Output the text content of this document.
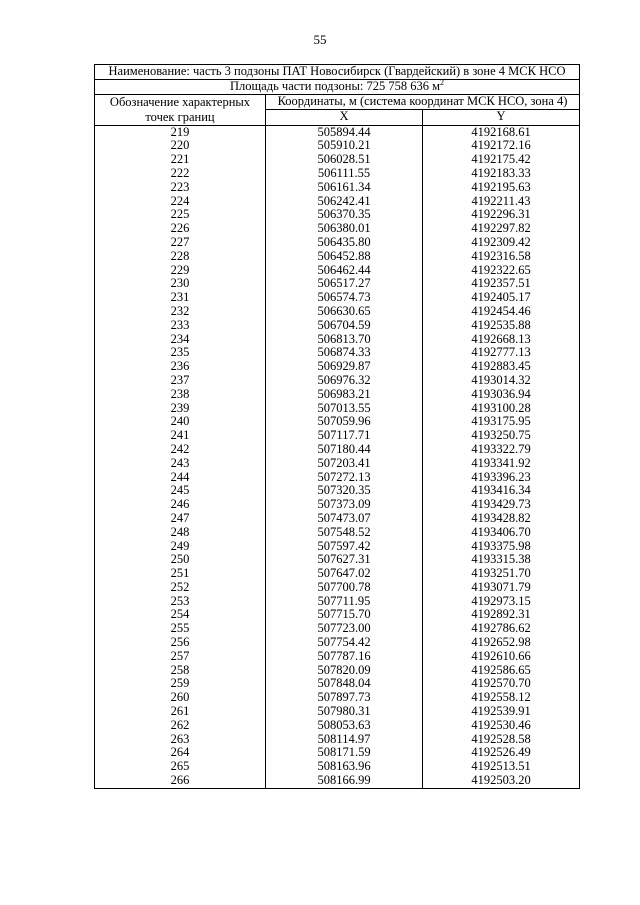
55
Наименование: часть 3 подзоны ПАТ Новосибирск (Гвардейский) в зоне 4 МСК НСО		
Площадь части подзоны: 725 758 636 $м^2$
Обозначение характерных точек границ	Координаты, м (система координат МСК НСО, зона 4)	
	X	Y
219	505894.44	4192168.61
220	505910.21	4192172.16
221	506028.51	4192175.42
222	506111.55	4192183.33
223	506161.34	4192195.63
224	506242.41	4192211.43
225	506370.35	4192296.31
226	506380.01	4192297.82
227	506435.80	4192309.42
228	506452.88	4192316.58
229	506462.44	4192322.65
230	506517.27	4192357.51
231	506574.73	4192405.17
232	506630.65	4192454.46
233	506704.59	4192535.88
234	506813.70	4192668.13
235	506874.33	4192777.13
236	506929.87	4192883.45
237	506976.32	4193014.32
238	506983.21	4193036.94
239	507013.55	4193100.28
240	507059.96	4193175.95
241	507117.71	4193250.75
242	507180.44	4193322.79
243	507203.41	4193341.92
244	507272.13	4193396.23
245	507320.35	4193416.34
246	507373.09	4193429.73
247	507473.07	4193428.82
248	507548.52	4193406.70
249	507597.42	4193375.98
250	507627.31	4193315.38
251	507647.02	4193251.70
252	507700.78	4193071.79
253	507711.95	4192973.15
254	507715.70	4192892.31
255	507723.00	4192786.62
256	507754.42	4192652.98
257	507787.16	4192610.66
258	507820.09	4192586.65
259	507848.04	4192570.70
260	507897.73	4192558.12
261	507980.31	4192539.91
262	508053.63	4192530.46
263	508114.97	4192528.58
264	508171.59	4192526.49
265	508163.96	4192513.51
266	508166.99	4192503.20
